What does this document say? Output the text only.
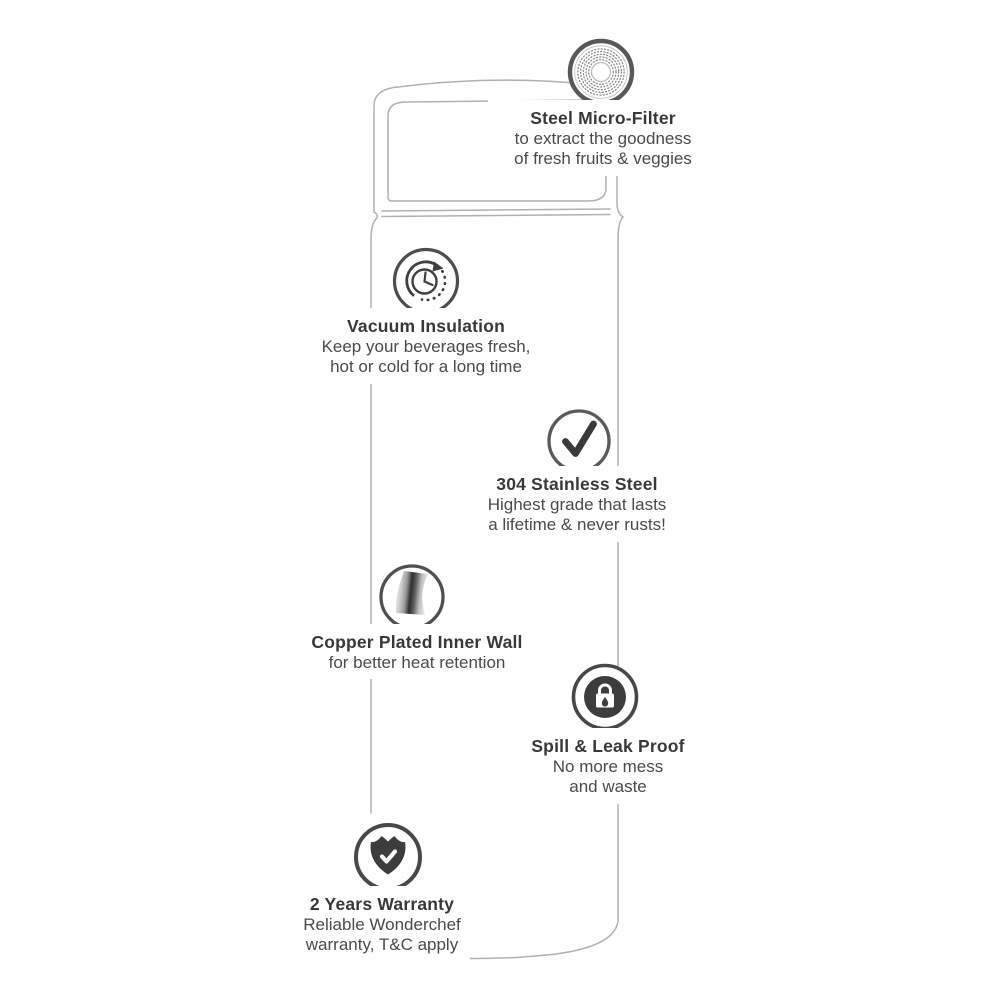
Steel Micro-Filter
to extract the goodness
of fresh fruits & veggies
Vacuum Insulation
Keep your beverages fresh,
hot or cold for a long time
304 Stainless Steel
Highest grade that lasts
a lifetime & never rusts!
Copper Plated Inner Wall
for better heat retention
Spill & Leak Proof
No more mess
and waste
2 Years Warranty
Reliable Wonderchef
warranty, T&C apply
